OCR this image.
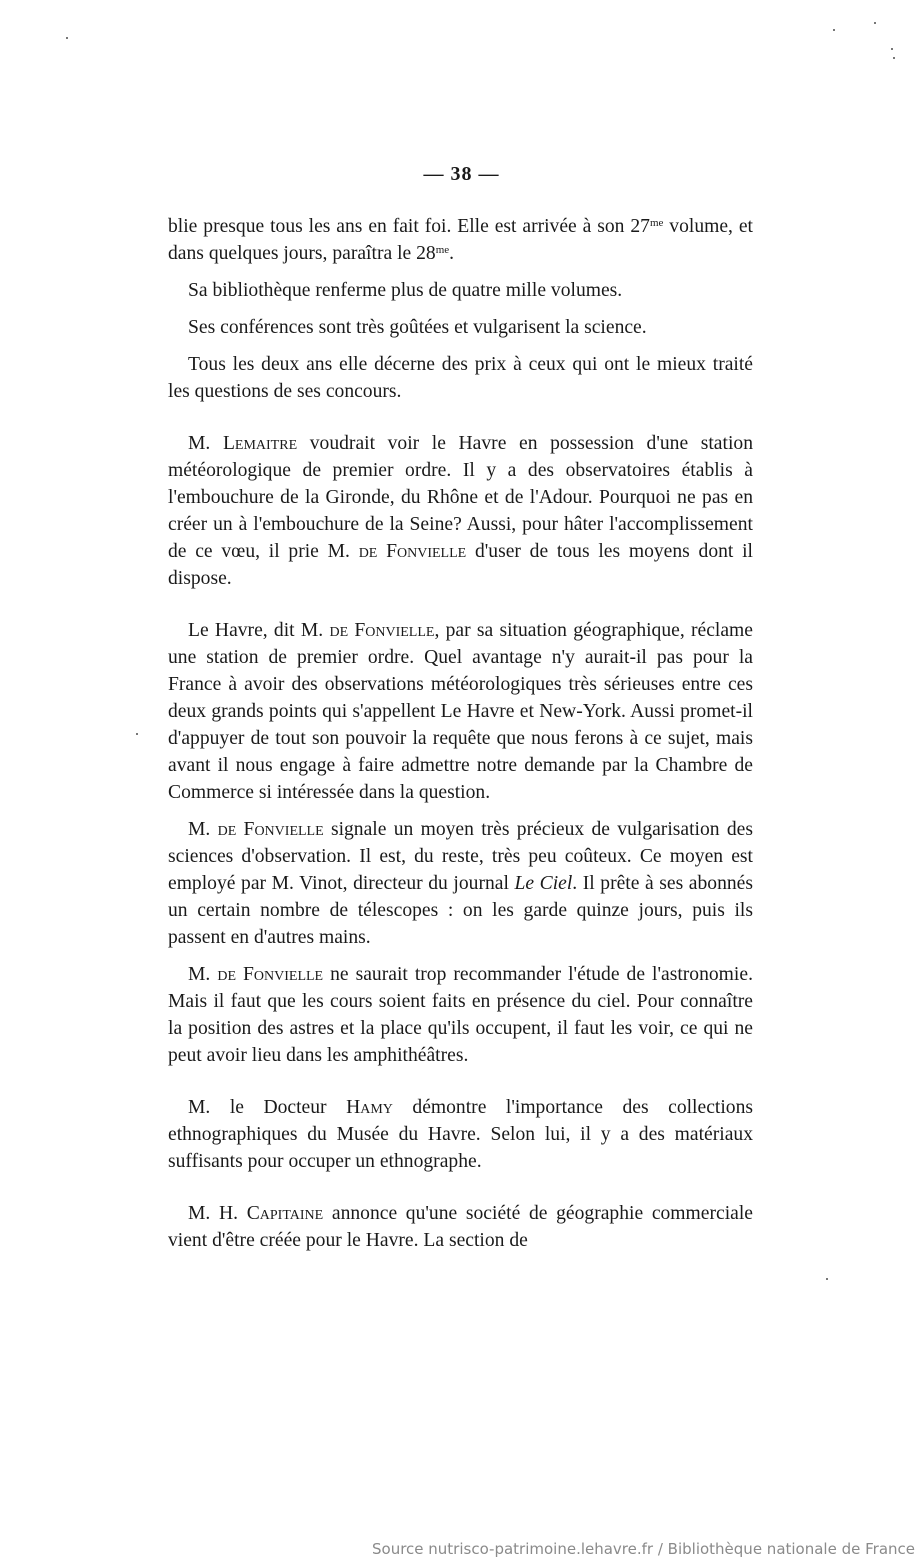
— 38 —

blie presque tous les ans en fait foi. Elle est arrivée à son $27^{me}$ volume, et dans quelques jours, paraîtra le $28^{me}$.

Sa bibliothèque renferme plus de quatre mille volumes.

Ses conférences sont très goûtées et vulgarisent la science.

Tous les deux ans elle décerne des prix à ceux qui ont le mieux traité les questions de ses concours.

M. Lemaitre voudrait voir le Havre en possession d'une station météorologique de premier ordre. Il y a des observatoires établis à l'embouchure de la Gironde, du Rhône et de l'Adour. Pourquoi ne pas en créer un à l'embouchure de la Seine? Aussi, pour hâter l'accomplissement de ce vœu, il prie M. de Fonvielle d'user de tous les moyens dont il dispose.

Le Havre, dit M. de Fonvielle, par sa situation géographique, réclame une station de premier ordre. Quel avantage n'y aurait-il pas pour la France à avoir des observations météorologiques très sérieuses entre ces deux grands points qui s'appellent Le Havre et New-York. Aussi promet-il d'appuyer de tout son pouvoir la requête que nous ferons à ce sujet, mais avant il nous engage à faire admettre notre demande par la Chambre de Commerce si intéressée dans la question.

M. de Fonvielle signale un moyen très précieux de vulgarisation des sciences d'observation. Il est, du reste, très peu coûteux. Ce moyen est employé par M. Vinot, directeur du journal Le Ciel. Il prête à ses abonnés un certain nombre de télescopes : on les garde quinze jours, puis ils passent en d'autres mains.

M. de Fonvielle ne saurait trop recommander l'étude de l'astronomie. Mais il faut que les cours soient faits en présence du ciel. Pour connaître la position des astres et la place qu'ils occupent, il faut les voir, ce qui ne peut avoir lieu dans les amphithéâtres.

M. le Docteur Hamy démontre l'importance des collections ethnographiques du Musée du Havre. Selon lui, il y a des matériaux suffisants pour occuper un ethnographe.

M. H. Capitaine annonce qu'une société de géographie commerciale vient d'être créée pour le Havre. La section de

Source nutrisco-patrimoine.lehavre.fr / Bibliothèque nationale de France
